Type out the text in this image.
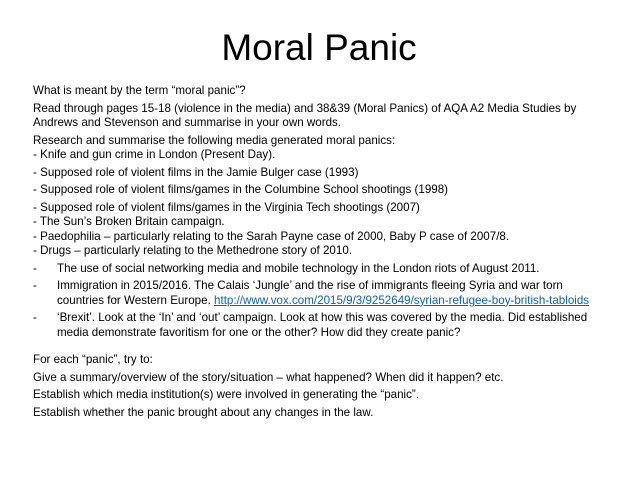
Moral Panic

What is meant by the term “moral panic”?

Read through pages 15-18 (violence in the media) and 38&39 (Moral Panics) of AQA A2 Media Studies by Andrews and Stevenson and summarise in your own words.

Research and summarise the following media generated moral panics:

- Knife and gun crime in London (Present Day).

- Supposed role of violent films in the Jamie Bulger case (1993)

- Supposed role of violent films/games in the Columbine School shootings (1998)

- Supposed role of violent films/games in the Virginia Tech shootings (2007)

- The Sun’s Broken Britain campaign.

- Paedophilia – particularly relating to the Sarah Payne case of 2000, Baby P case of 2007/8.

- Drugs – particularly relating to the Methedrone story of 2010.

-	The use of social networking media and mobile technology in the London riots of August 2011.
-	Immigration in 2015/2016. The Calais ‘Jungle’ and the rise of immigrants fleeing Syria and war torn countries for Western Europe. http://www.vox.com/2015/9/3/9252649/syrian-refugee-boy-british-tabloids
-	‘Brexit’. Look at the ‘In’ and ‘out’ campaign. Look at how this was covered by the media. Did established media demonstrate favoritism for one or the other? How did they create panic?

For each “panic”, try to:

Give a summary/overview of the story/situation – what happened? When did it happen? etc.

Establish which media institution(s) were involved in generating the “panic”.

Establish whether the panic brought about any changes in the law.
